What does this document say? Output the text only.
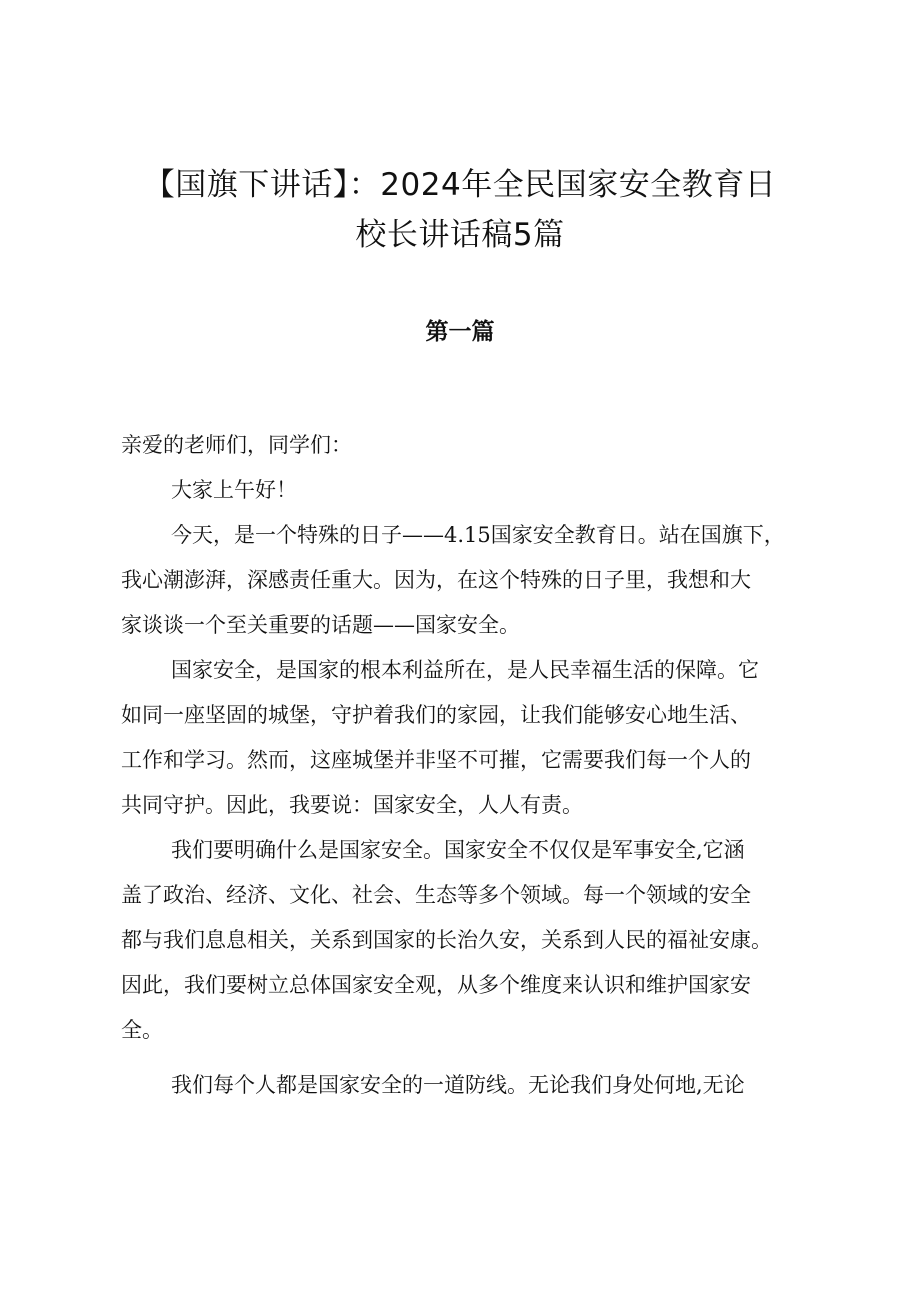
【国旗下讲话】：2024年全民国家安全教育日
校长讲话稿5篇
第一篇
亲爱的老师们，同学们：
大家上午好！
今天，是一个特殊的日子——4.15国家安全教育日。站在国旗下，
我心潮澎湃，深感责任重大。因为，在这个特殊的日子里，我想和大
家谈谈一个至关重要的话题——国家安全。
国家安全，是国家的根本利益所在，是人民幸福生活的保障。它
如同一座坚固的城堡，守护着我们的家园，让我们能够安心地生活、
工作和学习。然而，这座城堡并非坚不可摧，它需要我们每一个人的
共同守护。因此，我要说：国家安全，人人有责。
我们要明确什么是国家安全。国家安全不仅仅是军事安全,它涵
盖了政治、经济、文化、社会、生态等多个领域。每一个领域的安全
都与我们息息相关，关系到国家的长治久安，关系到人民的福祉安康。
因此，我们要树立总体国家安全观，从多个维度来认识和维护国家安
全。
我们每个人都是国家安全的一道防线。无论我们身处何地,无论
